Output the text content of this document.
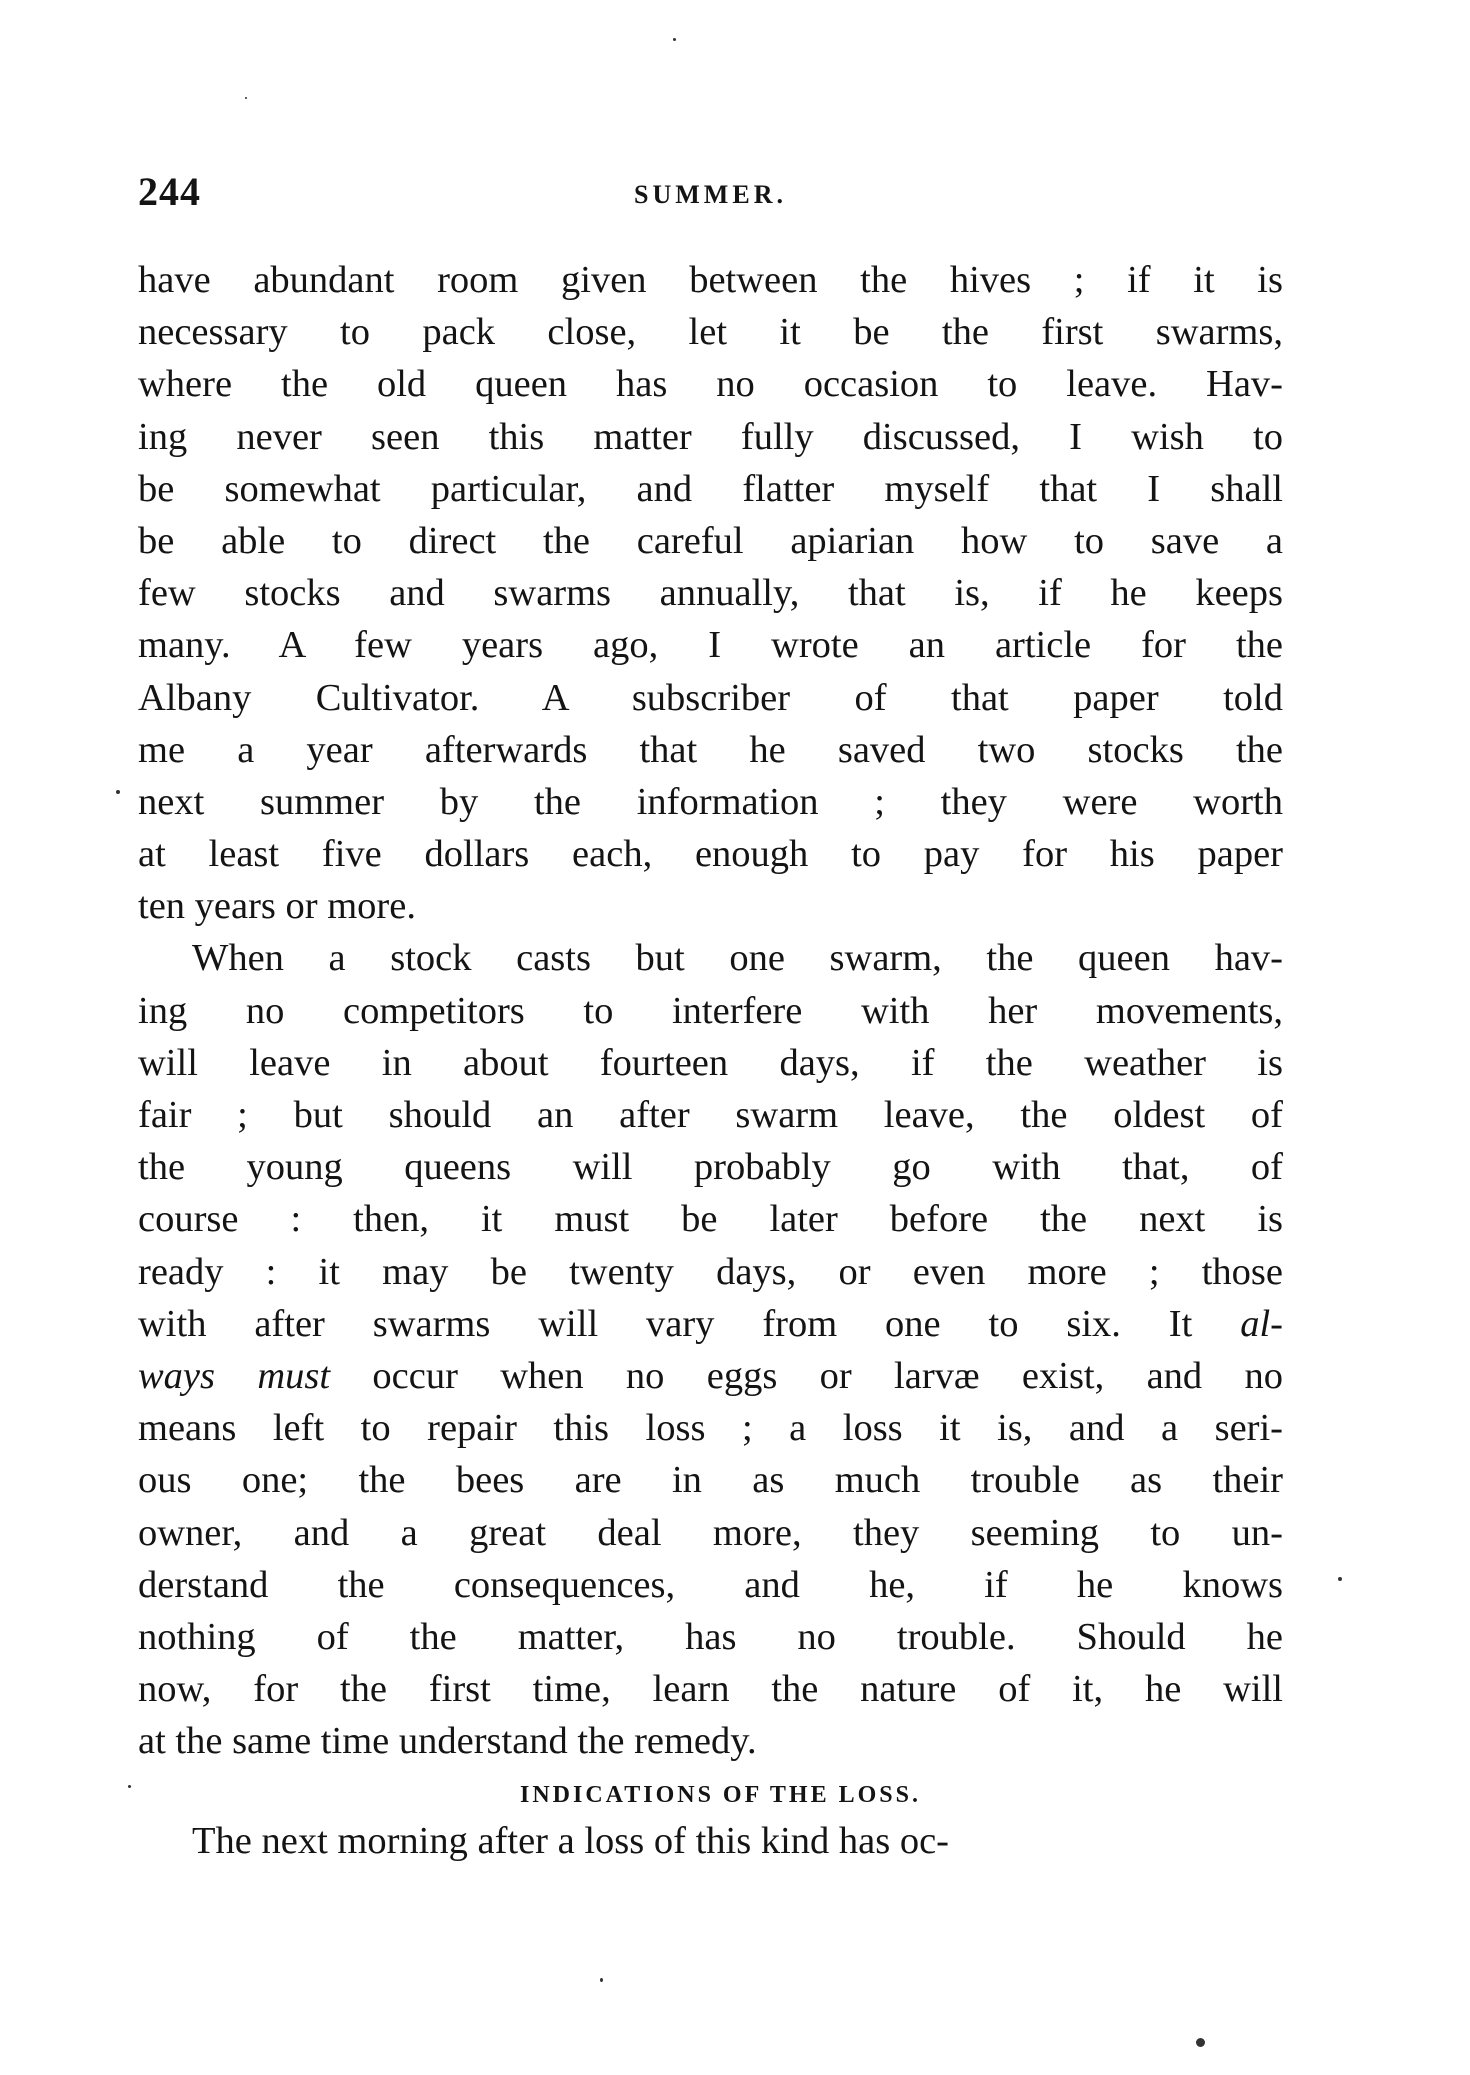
244	SUMMER.
have abundant room given between the hives ; if it is
necessary to pack close, let it be the first swarms,
where the old queen has no occasion to leave. Hav-
ing never seen this matter fully discussed, I wish to
be somewhat particular, and flatter myself that I shall
be able to direct the careful apiarian how to save a
few stocks and swarms annually, that is, if he keeps
many. A few years ago, I wrote an article for the
Albany Cultivator. A subscriber of that paper told
me a year afterwards that he saved two stocks the
next summer by the information ; they were worth
at least five dollars each, enough to pay for his paper
ten years or more.
When a stock casts but one swarm, the queen hav-
ing no competitors to interfere with her movements,
will leave in about fourteen days, if the weather is
fair ; but should an after swarm leave, the oldest of
the young queens will probably go with that, of
course : then, it must be later before the next is
ready : it may be twenty days, or even more ; those
with after swarms will vary from one to six. It al-
ways must occur when no eggs or larvæ exist, and no
means left to repair this loss ; a loss it is, and a seri-
ous one; the bees are in as much trouble as their
owner, and a great deal more, they seeming to un-
derstand the consequences, and he, if he knows
nothing of the matter, has no trouble. Should he
now, for the first time, learn the nature of it, he will
at the same time understand the remedy.
INDICATIONS OF THE LOSS.
The next morning after a loss of this kind has oc-
